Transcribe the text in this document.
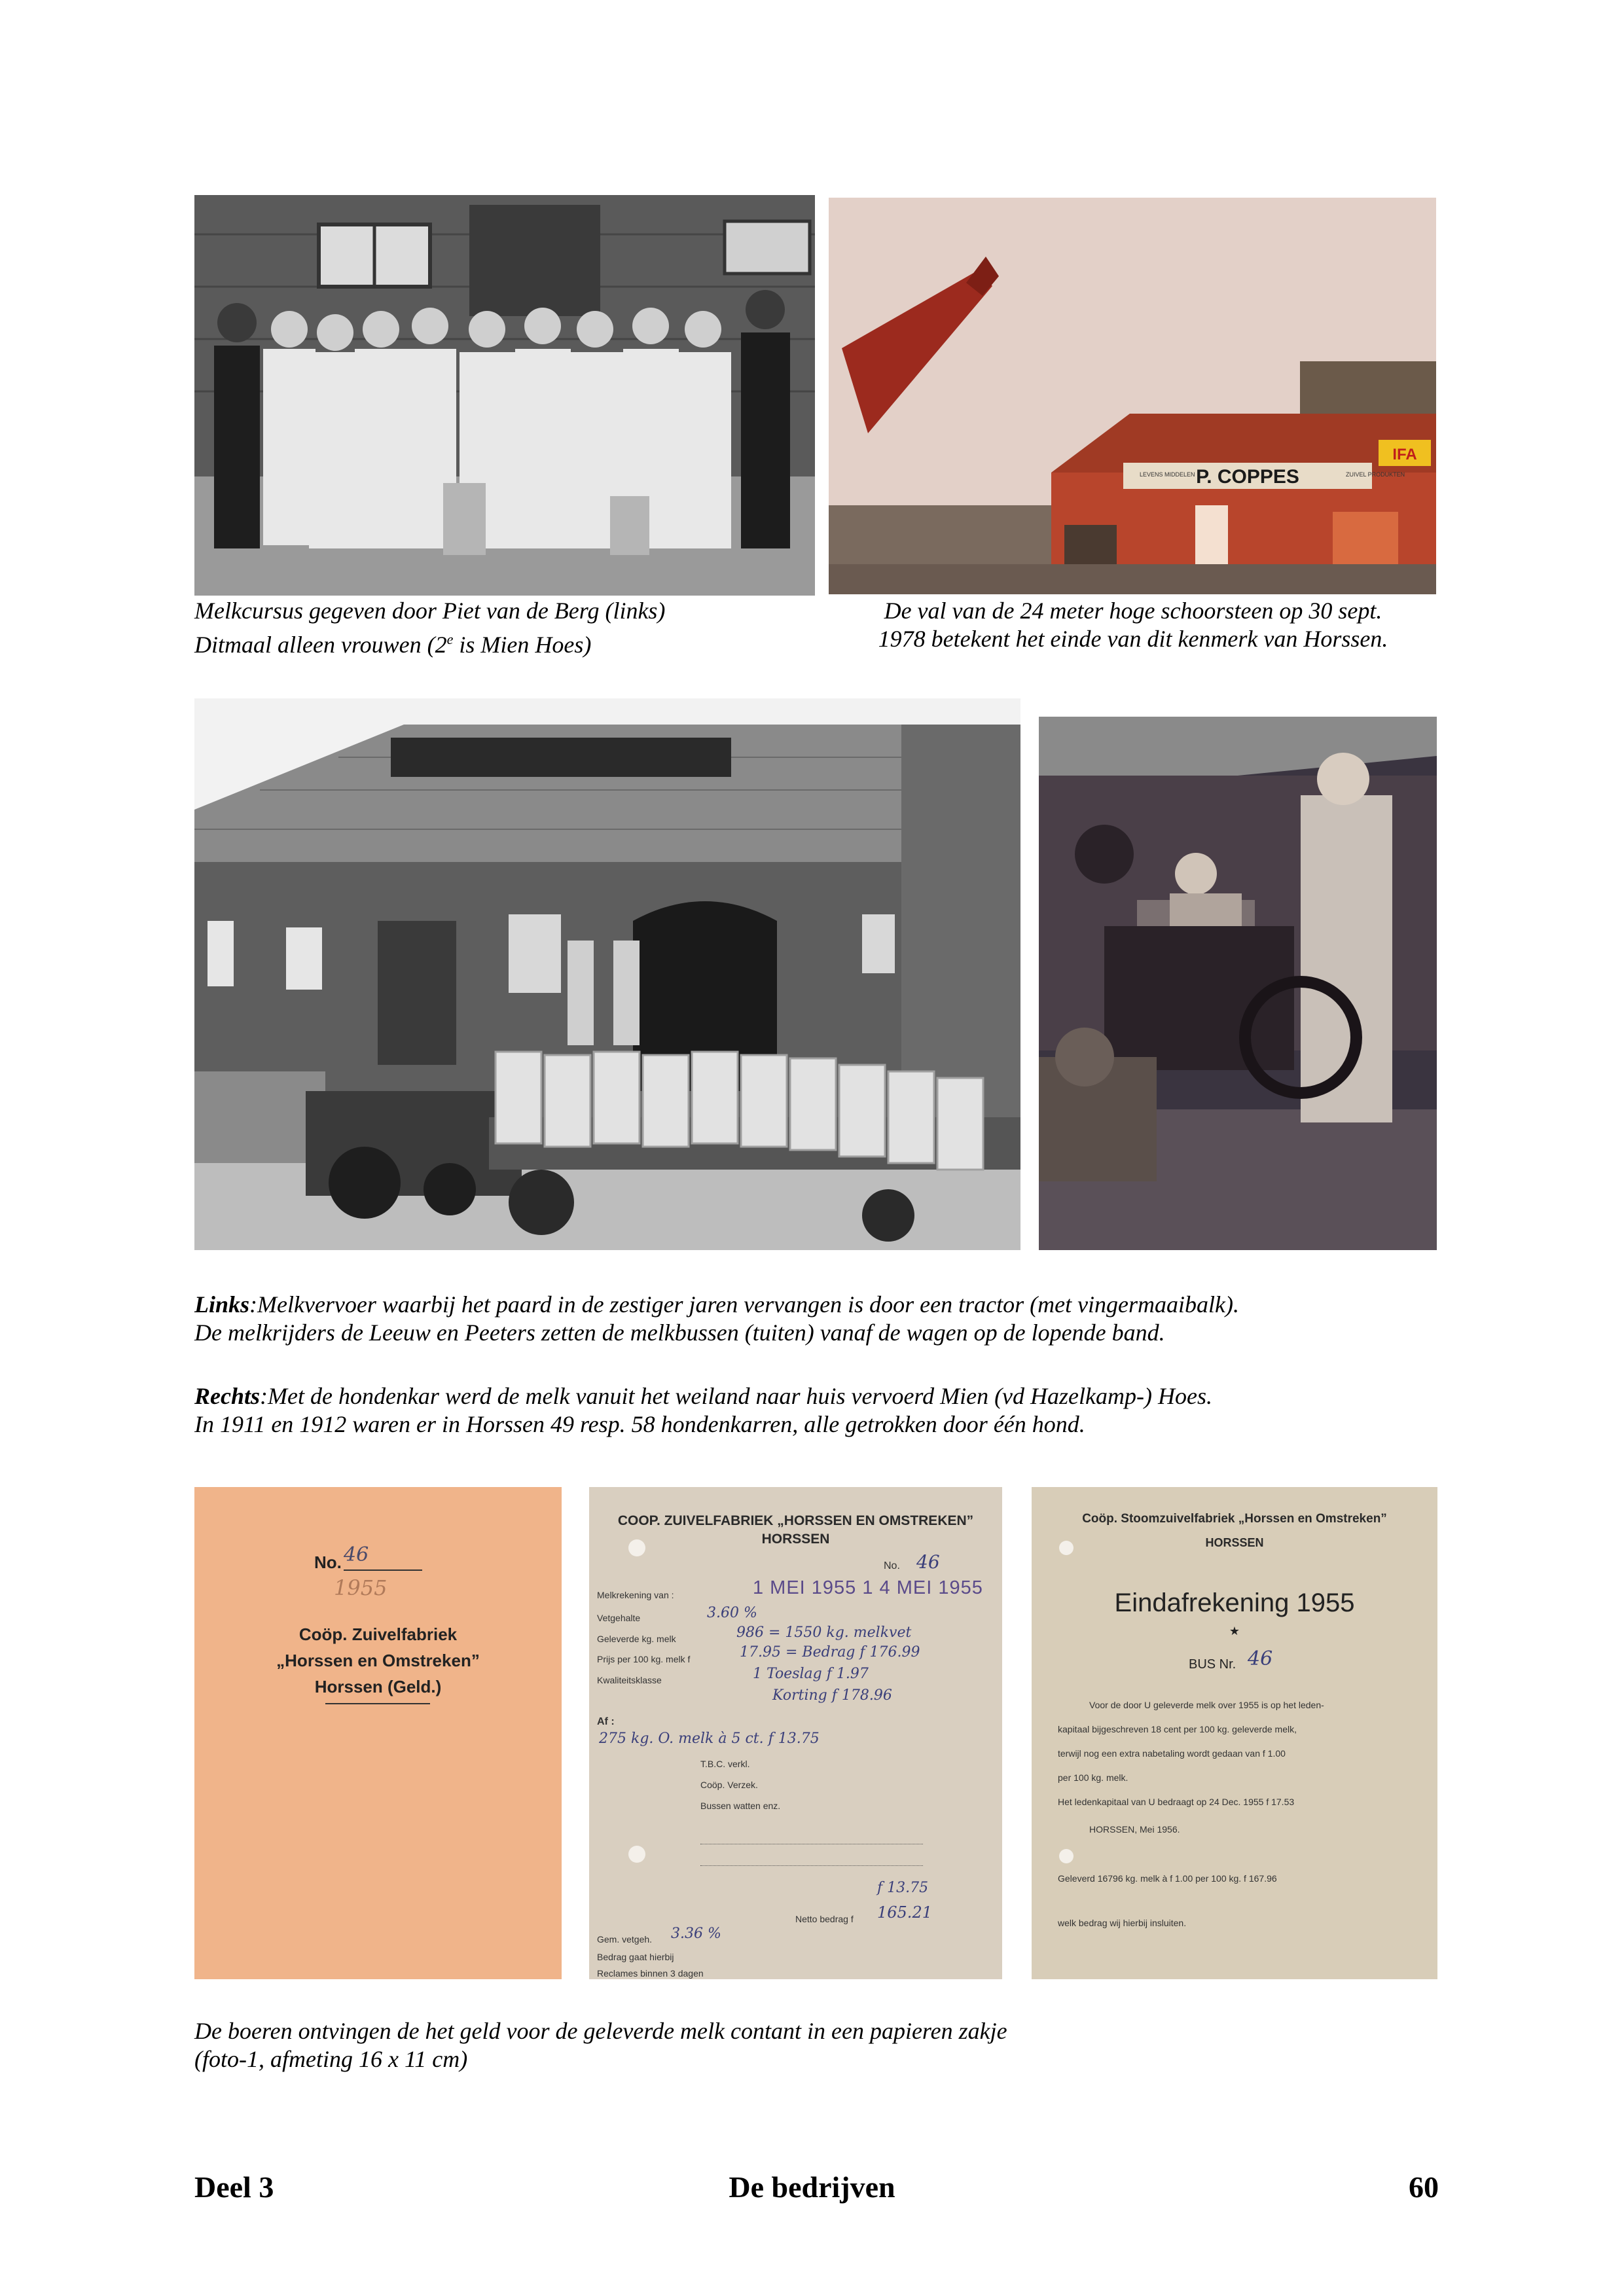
P. COPPES
LEVENS MIDDELEN	ZUIVEL PRODUKTEN
IFA
Melkcursus gegeven door Piet van de Berg (links)
Ditmaal alleen vrouwen (2e is Mien Hoes)
De val van de 24 meter hoge schoorsteen op 30 sept.
1978 betekent het einde van dit kenmerk van Horssen.
Links:Melkvervoer waarbij het paard in de zestiger jaren vervangen is door een tractor (met vingermaaibalk).
De melkrijders de Leeuw en Peeters zetten de melkbussen (tuiten) vanaf de wagen op de lopende band.
Rechts:Met de hondenkar werd de melk vanuit het weiland naar huis vervoerd Mien (vd Hazelkamp-) Hoes.
In 1911 en 1912 waren er in Horssen 49 resp. 58 hondenkarren, alle getrokken door één hond.
No. 46
1955
Coöp. Zuivelfabriek
„Horssen en Omstreken”
Horssen (Geld.)
COOP. ZUIVELFABRIEK „HORSSEN EN OMSTREKEN”
HORSSEN
No. 46
Melkrekening van :	1 MEI 1955 1 4 MEI 1955
Vetgehalte	3.60 %
Geleverde kg. melk	986 = 1550 kg. melkvet
Prijs per 100 kg. melk f	17.95 = Bedrag f 176.99
Kwaliteitsklasse	1 Toeslag f 1.97
Korting f 178.96
Af :
275 kg. O. melk à 5 ct. f 13.75
T.B.C. verkl.
Coöp. Verzek.
Bussen watten enz.
f 13.75
Netto bedrag f 165.21
Gem. vetgeh. 3.36 %
Bedrag gaat hierbij
Reclames binnen 3 dagen
Coöp. Stoomzuivelfabriek „Horssen en Omstreken”
HORSSEN
Eindafrekening 1955
★
BUS Nr. 46
Voor de door U geleverde melk over 1955 is op het leden-
kapitaal bijgeschreven 18 cent per 100 kg. geleverde melk,
terwijl nog een extra nabetaling wordt gedaan van f 1.00
per 100 kg. melk.
Het ledenkapitaal van U bedraagt op 24 Dec. 1955 f 17.53
HORSSEN, Mei 1956.
Geleverd 16796 kg. melk à f 1.00 per 100 kg. f 167.96
welk bedrag wij hierbij insluiten.
De boeren ontvingen de het geld voor de geleverde melk contant in een papieren zakje
(foto-1, afmeting 16 x 11 cm)
Deel 3	De bedrijven	60
